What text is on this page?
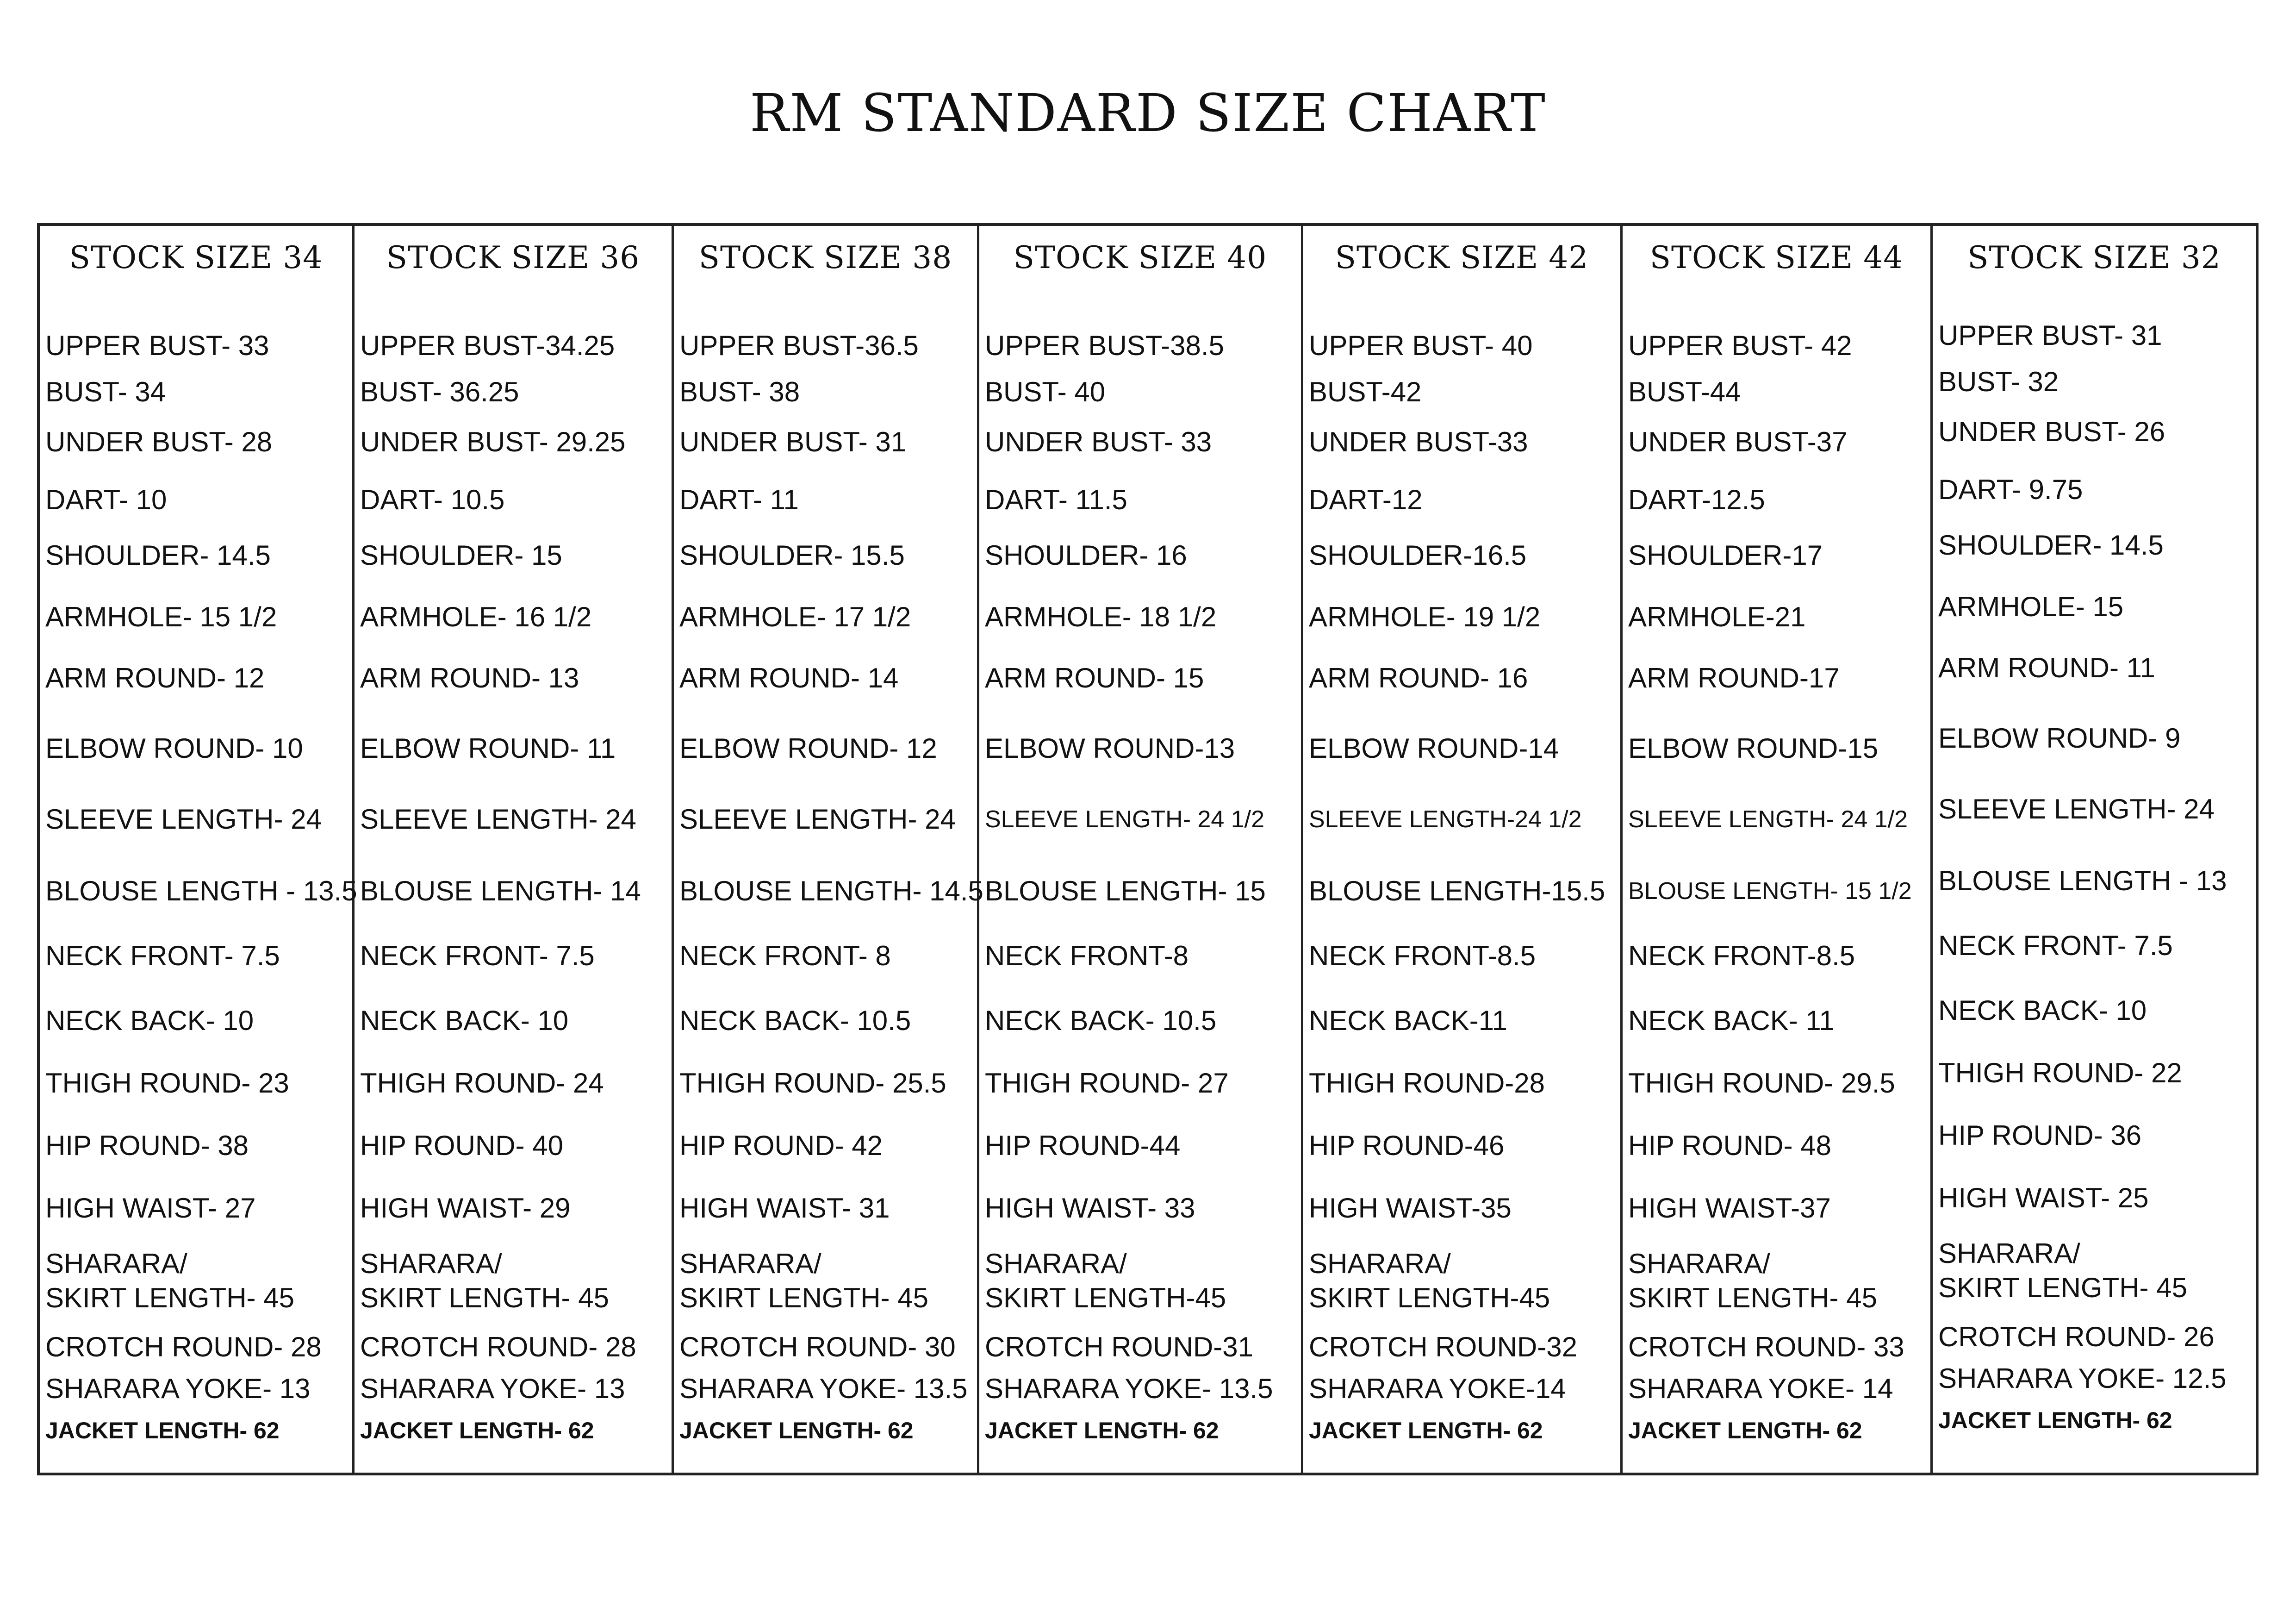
RM STANDARD SIZE CHART
STOCK SIZE 34
UPPER BUST- 33
BUST- 34
UNDER BUST- 28
DART- 10
SHOULDER- 14.5
ARMHOLE- 15 1/2
ARM ROUND- 12
ELBOW ROUND- 10
SLEEVE LENGTH- 24
BLOUSE LENGTH - 13.5
NECK FRONT- 7.5
NECK BACK- 10
THIGH ROUND- 23
HIP ROUND- 38
HIGH WAIST- 27
SHARARA/
SKIRT LENGTH- 45
CROTCH ROUND- 28
SHARARA YOKE- 13
JACKET LENGTH- 62
STOCK SIZE 36
UPPER BUST-34.25
BUST- 36.25
UNDER BUST- 29.25
DART- 10.5
SHOULDER- 15
ARMHOLE- 16 1/2
ARM ROUND- 13
ELBOW ROUND- 11
SLEEVE LENGTH- 24
BLOUSE LENGTH- 14
NECK FRONT- 7.5
NECK BACK- 10
THIGH ROUND- 24
HIP ROUND- 40
HIGH WAIST- 29
SHARARA/
SKIRT LENGTH- 45
CROTCH ROUND- 28
SHARARA YOKE- 13
JACKET LENGTH- 62
STOCK SIZE 38
UPPER BUST-36.5
BUST- 38
UNDER BUST- 31
DART- 11
SHOULDER- 15.5
ARMHOLE- 17 1/2
ARM ROUND- 14
ELBOW ROUND- 12
SLEEVE LENGTH- 24
BLOUSE LENGTH- 14.5
NECK FRONT- 8
NECK BACK- 10.5
THIGH ROUND- 25.5
HIP ROUND- 42
HIGH WAIST- 31
SHARARA/
SKIRT LENGTH- 45
CROTCH ROUND- 30
SHARARA YOKE- 13.5
JACKET LENGTH- 62
STOCK SIZE 40
UPPER BUST-38.5
BUST- 40
UNDER BUST- 33
DART- 11.5
SHOULDER- 16
ARMHOLE- 18 1/2
ARM ROUND- 15
ELBOW ROUND-13
SLEEVE LENGTH- 24 1/2
BLOUSE LENGTH- 15
NECK FRONT-8
NECK BACK- 10.5
THIGH ROUND- 27
HIP ROUND-44
HIGH WAIST- 33
SHARARA/
SKIRT LENGTH-45
CROTCH ROUND-31
SHARARA YOKE- 13.5
JACKET LENGTH- 62
STOCK SIZE 42
UPPER BUST- 40
BUST-42
UNDER BUST-33
DART-12
SHOULDER-16.5
ARMHOLE- 19 1/2
ARM ROUND- 16
ELBOW ROUND-14
SLEEVE LENGTH-24 1/2
BLOUSE LENGTH-15.5
NECK FRONT-8.5
NECK BACK-11
THIGH ROUND-28
HIP ROUND-46
HIGH WAIST-35
SHARARA/
SKIRT LENGTH-45
CROTCH ROUND-32
SHARARA YOKE-14
JACKET LENGTH- 62
STOCK SIZE 44
UPPER BUST- 42
BUST-44
UNDER BUST-37
DART-12.5
SHOULDER-17
ARMHOLE-21
ARM ROUND-17
ELBOW ROUND-15
SLEEVE LENGTH- 24 1/2
BLOUSE LENGTH- 15 1/2
NECK FRONT-8.5
NECK BACK- 11
THIGH ROUND- 29.5
HIP ROUND- 48
HIGH WAIST-37
SHARARA/
SKIRT LENGTH- 45
CROTCH ROUND- 33
SHARARA YOKE- 14
JACKET LENGTH- 62
STOCK SIZE 32
UPPER BUST- 31
BUST- 32
UNDER BUST- 26
DART- 9.75
SHOULDER- 14.5
ARMHOLE- 15
ARM ROUND- 11
ELBOW ROUND- 9
SLEEVE LENGTH- 24
BLOUSE LENGTH - 13
NECK FRONT- 7.5
NECK BACK- 10
THIGH ROUND- 22
HIP ROUND- 36
HIGH WAIST- 25
SHARARA/
SKIRT LENGTH- 45
CROTCH ROUND- 26
SHARARA YOKE- 12.5
JACKET LENGTH- 62
